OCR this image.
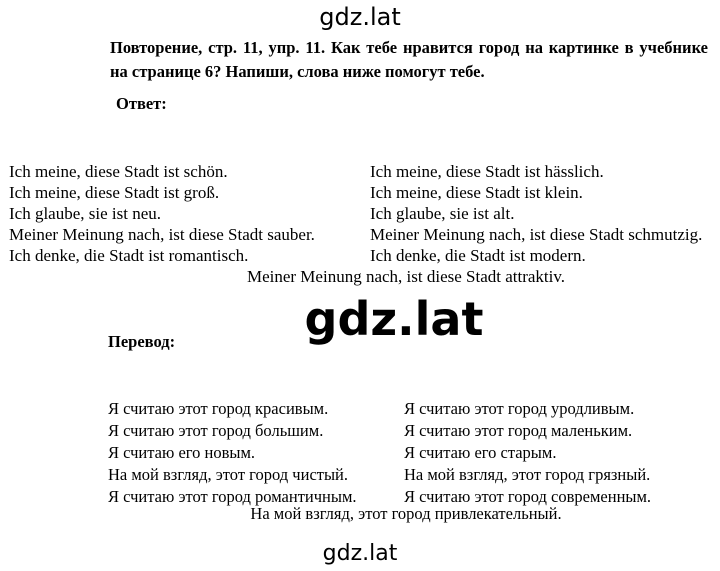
gdz.lat
Повторение, стр. 11, упр. 11. Как тебе нравится город на картинке в учебнике на странице 6? Напиши, слова ниже помогут тебе.
Ответ:
Ich meine, diese Stadt ist schön.
Ich meine, diese Stadt ist groß.
Ich glaube, sie ist neu.
Meiner Meinung nach, ist diese Stadt sauber.
Ich denke, die Stadt ist romantisch.
Ich meine, diese Stadt ist hässlich.
Ich meine, diese Stadt ist klein.
Ich glaube, sie ist alt.
Meiner Meinung nach, ist diese Stadt schmutzig.
Ich denke, die Stadt ist modern.
Meiner Meinung nach, ist diese Stadt attraktiv.
gdz.lat
Перевод:
Я считаю этот город красивым.
Я считаю этот город большим.
Я считаю его новым.
На мой взгляд, этот город чистый.
Я считаю этот город романтичным.
Я считаю этот город уродливым.
Я считаю этот город маленьким.
Я считаю его старым.
На мой взгляд, этот город грязный.
Я считаю этот город современным.
На мой взгляд, этот город привлекательный.
gdz.lat
